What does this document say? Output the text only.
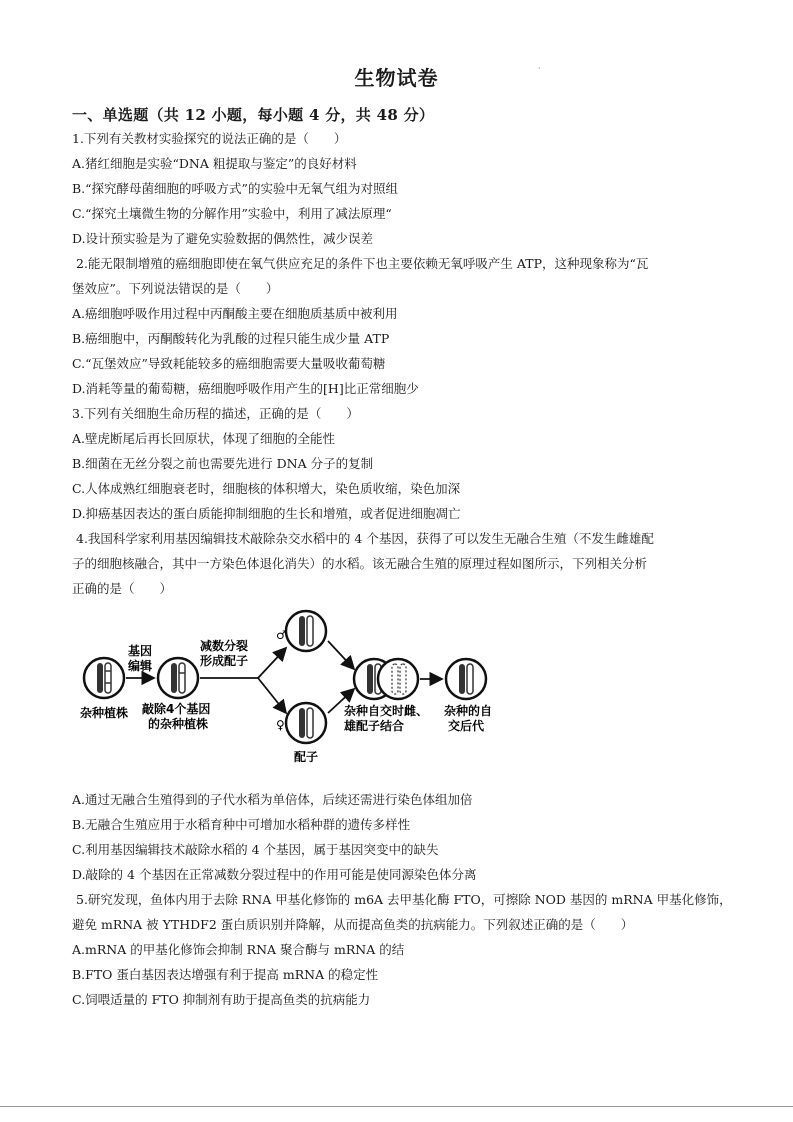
生物试卷	·
一、单选题（共 12 小题，每小题 4 分，共 48 分）
1.下列有关教材实验探究的说法正确的是（　　）
A.猪红细胞是实验“DNA 粗提取与鉴定”的良好材料
B.“探究酵母菌细胞的呼吸方式”的实验中无氧气组为对照组
C.“探究土壤微生物的分解作用”实验中，利用了减法原理“
D.设计预实验是为了避免实验数据的偶然性，减少误差
2.能无限制增殖的癌细胞即使在氧气供应充足的条件下也主要依赖无氧呼吸产生 ATP，这种现象称为“瓦
堡效应”。下列说法错误的是（　　）
A.癌细胞呼吸作用过程中丙酮酸主要在细胞质基质中被利用
B.癌细胞中，丙酮酸转化为乳酸的过程只能生成少量 ATP
C.“瓦堡效应”导致耗能较多的癌细胞需要大量吸收葡萄糖
D.消耗等量的葡萄糖，癌细胞呼吸作用产生的[H]比正常细胞少
3.下列有关细胞生命历程的描述，正确的是（　　）
A.壁虎断尾后再长回原状，体现了细胞的全能性
B.细菌在无丝分裂之前也需要先进行 DNA 分子的复制
C.人体成熟红细胞衰老时，细胞核的体积增大，染色质收缩，染色加深
D.抑癌基因表达的蛋白质能抑制细胞的生长和增殖，或者促进细胞凋亡
4.我国科学家利用基因编辑技术敲除杂交水稻中的 4 个基因，获得了可以发生无融合生殖（不发生雌雄配
子的细胞核融合，其中一方染色体退化消失）的水稻。该无融合生殖的原理过程如图所示，下列相关分析
正确的是（　　）
杂种植株
基因
编辑
敲除4个基因
的杂种植株
减数分裂
形成配子
♂
♀
配子
杂种自交时雌、
雄配子结合
杂种的自
交后代
A.通过无融合生殖得到的子代水稻为单倍体，后续还需进行染色体组加倍
B.无融合生殖应用于水稻育种中可增加水稻种群的遗传多样性
C.利用基因编辑技术敲除水稻的 4 个基因，属于基因突变中的缺失
D.敲除的 4 个基因在正常减数分裂过程中的作用可能是使同源染色体分离
5.研究发现，鱼体内用于去除 RNA 甲基化修饰的 m6A 去甲基化酶 FTO，可擦除 NOD 基因的 mRNA 甲基化修饰，
避免 mRNA 被 YTHDF2 蛋白质识别并降解，从而提高鱼类的抗病能力。下列叙述正确的是（　　）
A.mRNA 的甲基化修饰会抑制 RNA 聚合酶与 mRNA 的结
B.FTO 蛋白基因表达增强有利于提高 mRNA 的稳定性
C.饲喂适量的 FTO 抑制剂有助于提高鱼类的抗病能力
